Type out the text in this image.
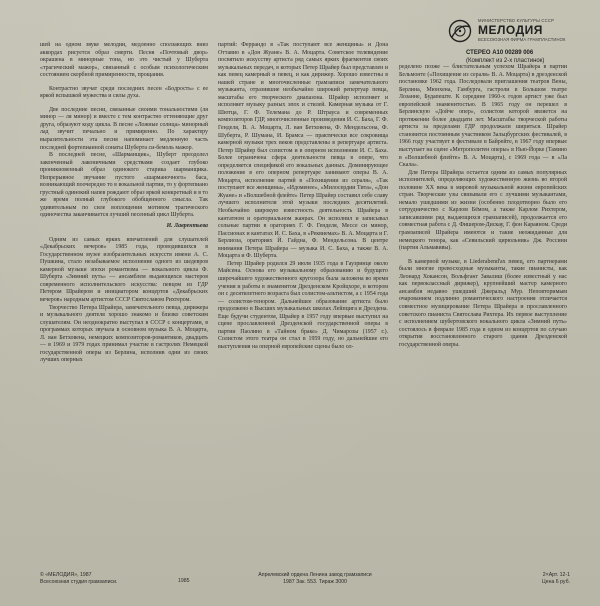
шей на одном звуке мелодии, медленно сползающих вниз аккордах рисуется образ смерти. Песня «Почтовый двор» окрашена в минорные тона, но это чистый у Шуберта «трагический мажор», связанный с особым психологическим состоянием скорбной примиренности, прощания.

Контрастно звучат среди последних песен «Бодрость» с ее яркой вспышкой мужества и силы духа.

Две последние песни, связанные своими тональностями (ля минор — ля минор) и вместе с тем контрастно оттеняющие друг друга, образуют коду цикла. В песне «Ложные солнца» минорный лад звучит печально и примиренно. По характеру выразительности эта песня напоминает медленную часть последней фортепианной сонаты Шуберта си-бемоль мажор.

В последней песне, «Шарманщик», Шуберт преодолел законченный лаконичными средствами создает глубоко проникновенный образ одинокого старика шарманщика. Непрерывное звучание пустого «шарманочного» баса, возникающий поочередно то в вокальной партии, то у фортепиано грустный одинокий напев рождают образ яркой конкретный и в то же время полный глубокого обобщенного смысла. Так удивительным по силе воплощения мотивом трагического одиночества заканчивается лучший песенный цикл Шуберта.

И. Лаврентьева

Одним из самых ярких впечатлений для слушателей «Декабрьских вечеров» 1985 года, проводившихся в Государственном музее изобразительных искусств имени А. С. Пушкина, стало незабываемое исполнение одного из шедевров камерной музыки эпохи романтизма — вокального цикла Ф. Шуберта «Зимний путь» — ансамблем выдающихся мастеров современного исполнительского искусства: певцом из ГДР Петером Шрайером и инициатором концертов «Декабрьских вечеров» народным артистом СССР Святославом Рихтером.

Творчество Петера Шрайера, замечательного певца, дирижера и музыкального деятеля хорошо знакомо и близко советским слушателям. Он неоднократно выступал в СССР с концертами, в программах которых звучала в основном музыка В. А. Моцарта, Л. ван Бетховена, немецких композиторов-романтиков, двадцать — в 1969 и 1979 годах принимал участие в гастролях Немецкой государственной оперы из Берлина, исполнив одни из своих лучших оперных

партий: Феррандо в «Так поступают все женщины» и Дона Оттавио в «Дон Жуане» В. А. Моцарта. Советское телевидение посвятило искусству артиста ряд самых ярких фрагментов своих музыкальных передач, в которых Петер Шрайер был представлен и как певец камерный и певец, и как дирижер. Хорошо известны в нашей стране и многочисленные грамзаписи замечательного музыканта, отразившие необычайно широкий репертуар певца, масштабы его творческого диапазона. Шрайер исполняет и исполняет музыку разных эпох и стилей. Камерная музыка от Г. Шютца, Г. Ф. Телемана до Р. Штрауса и современных композиторов ГДР, многочисленные произведения И. С. Баха, Г. Ф. Генделя, В. А. Моцарта, Л. ван Бетховена, Ф. Мендельсона, Ф. Шуберта, Р. Шумана, И. Брамса — практически все сокровища камерной музыки трех веков представлены в репертуаре артиста. Петер Шрайер был солистом и в оперном исполнении И. С. Баха. Более ограничена сфера деятельности певца в опере, что определяется спецификой его вокальных данных. Доминирующее положение в его оперном репертуаре занимают оперы В. А. Моцарта, исполнение партий в «Похищении из сераля», «Так поступают все женщины», «Идоменее», «Милосердии Тита», «Дон Жуане» и «Волшебной флейте» Петер Шрайер составил себе славу лучшего исполнителя этой музыки последних десятилетий. Необычайно широкую известность деятельность Шрайера в кантатном и ораториальном жанрах. Он исполнил и записывал сольные партии в ораториях Г. Ф. Генделя, Мессе си минор, Пассионах и кантатах И. С. Баха, в «Реквиемах» В. А. Моцарта и Г. Берлиоза, ораториях Й. Гайдна, Ф. Мендельсона. В центре внимания Петера Шрайера — музыка И. С. Баха, а также В. А. Моцарта и Ф. Шуберта.

Петер Шрайер родился 29 июля 1935 года в Гаузринце около Майсена. Основа его музыкальному образованию и будущего широчайшего художественного кругозора была заложена во время учения и работы в знаменитом Дрезденском Кройцхоре, в котором он с десятилетнего возраста был солистом-альтистом, а с 1954 года — солистом-тенором. Дальнейшее образование артиста было продолжено в Высших музыкальных школах Лейпцига и Дрездена. Еще будучи студентом, Шрайер в 1957 году впервые выступил на сцене прославленной Дрезденской государственной оперы в партии Паолино в «Тайном браке» Д. Чимарозы (1957 г.). Солистом этого театра он стал в 1959 году, но дальнейшие его выступления на оперной европейские сцены было ол-

МИНИСТЕРСТВО КУЛЬТУРЫ СССР
МЕЛОДИЯ
ВСЕСОЮЗНАЯ ФИРМА ГРАМПЛАСТИНОК
СТЕРЕО А10 00289 006
(Комплект из 2-х пластинок)

ределено позже — блистательным успехом Шрайера в партии Бельмонте («Похищение из сераля» В. А. Моцарта) в дрезденской постановке 1962 года. Последовали приглашения театров Вены, Берлина, Мюнхена, Гамбурга, гастроли в Большом театре Лозанне, Будапеште. К середине 1960-х годов артист уже был европейской знаменитостью. В 1965 году он перешел в Берлинскую «Дойче опер», солистом которой является на протяжении более двадцати лет. Масштабы творческой работы артиста за пределами ГДР продолжали шириться. Шрайер становится постоянным участником Зальцбургских фестивалей, в 1966 году участвует в фестивале в Байрейте, в 1967 году впервые выступает на сцене «Метрополитен оперы» в Нью-Йорке (Тамино в «Волшебной флейте» В. А. Моцарта), с 1969 года — в «Ла Скала».

Для Петера Шрайера остается одним из самых популярных исполнителей, определяющих художественную жизнь во второй половине XX века в мировой музыкальной жизни европейских стран. Творческие узы связывали его с лучшими музыкантами, немало ушедшими из жизни (особенно плодотворно было его сотрудничество с Карлом Бёмом, а также Карлом Рихтером, записавшими ряд выдающихся грамзаписей), продолжается его совместная работа с Д. Фишером-Дискау, Г. фон Караяном. Среди грамзаписей Шрайера имеются и такие неожиданные для немецкого тенора, как «Севильский цирюльник» Дж. Россини (партия Альмавивы).

В камерной музыке, в Liederabend'ах певец, его партнерами были многие превосходные музыканты, такие пианисты, как Леонард Хокансон, Вольфганг Завалиш (более известный у нас как первоклассный дирижер), крупнейший мастер камерного ансамбля недавно ушедший Джеральд Мур. Неповторимым очарованием подлинно романтического настроения отличается совместное музицирование Петера Шрайера и прославленного советского пианиста Святослава Рихтера. Их первое выступление с исполнением шубертовского вокального цикла «Зимний путь» состоялось в феврале 1985 года в одном из концертов по случаю открытия восстановленного старого здания Дрезденской государственной оперы.

© «МЕЛОДИЯ», 1987
Всесоюзная студия грамзаписи.	1985
Апрелевский ордена Ленина завод грамзаписи
1987 Зак. 553. Тираж 3000
2×Арт. 12-1
Цена 6 руб.
